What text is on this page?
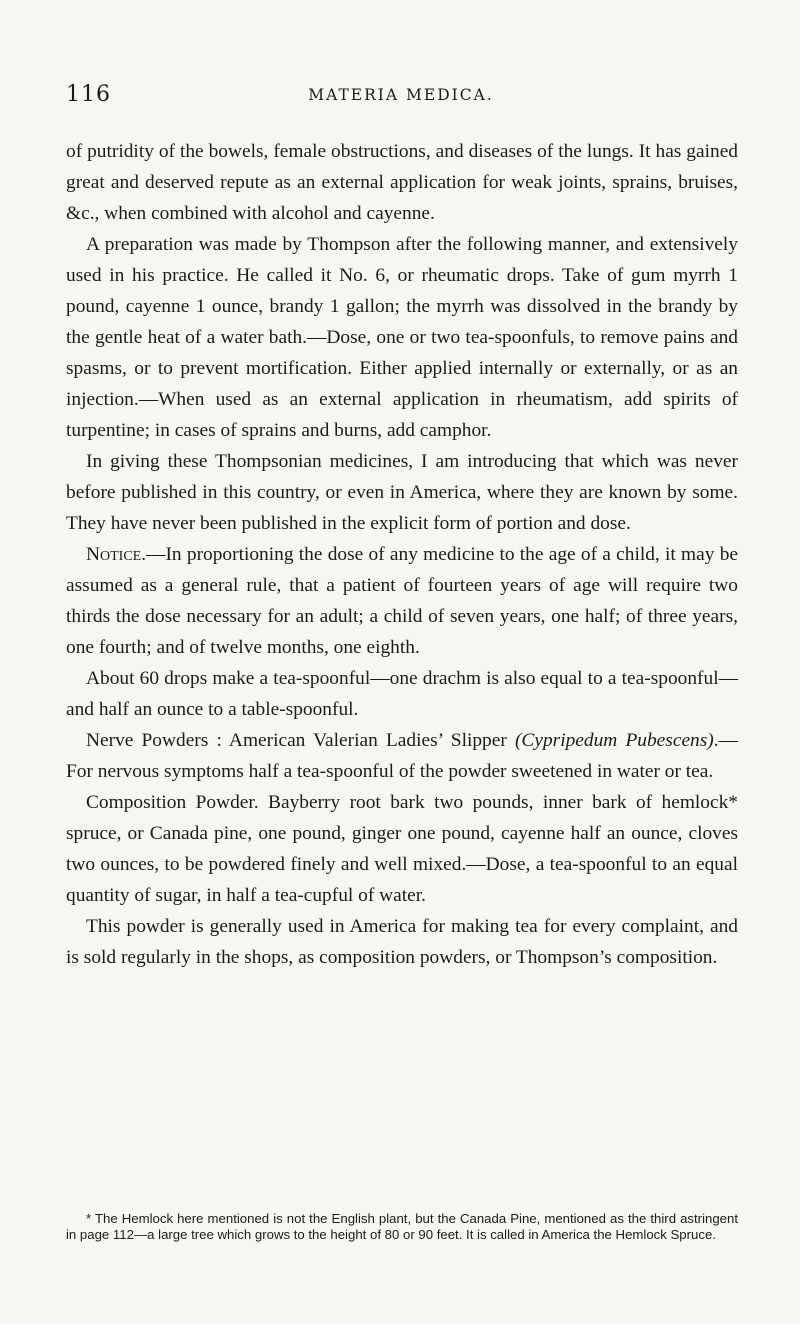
116	MATERIA MEDICA.

of putridity of the bowels, female obstructions, and diseases of the lungs. It has gained great and deserved repute as an external application for weak joints, sprains, bruises, &c., when combined with alcohol and cayenne.

A preparation was made by Thompson after the following manner, and extensively used in his practice. He called it No. 6, or rheumatic drops. Take of gum myrrh 1 pound, cayenne 1 ounce, brandy 1 gallon; the myrrh was dissolved in the brandy by the gentle heat of a water bath.—Dose, one or two tea-spoonfuls, to remove pains and spasms, or to prevent mortification. Either applied internally or externally, or as an injection.—When used as an external application in rheumatism, add spirits of turpentine; in cases of sprains and burns, add camphor.

In giving these Thompsonian medicines, I am introducing that which was never before published in this country, or even in America, where they are known by some. They have never been published in the explicit form of portion and dose.

Notice.—In proportioning the dose of any medicine to the age of a child, it may be assumed as a general rule, that a patient of fourteen years of age will require two thirds the dose necessary for an adult; a child of seven years, one half; of three years, one fourth; and of twelve months, one eighth.

About 60 drops make a tea-spoonful—one drachm is also equal to a tea-spoonful—and half an ounce to a table-spoonful.

Nerve Powders : American Valerian Ladies’ Slipper (Cypripedum Pubescens).—For nervous symptoms half a tea-spoonful of the powder sweetened in water or tea.

Composition Powder. Bayberry root bark two pounds, inner bark of hemlock* spruce, or Canada pine, one pound, ginger one pound, cayenne half an ounce, cloves two ounces, to be powdered finely and well mixed.—Dose, a tea-spoonful to an equal quantity of sugar, in half a tea-cupful of water.

This powder is generally used in America for making tea for every complaint, and is sold regularly in the shops, as composition powders, or Thompson’s composition.

* The Hemlock here mentioned is not the English plant, but the Canada Pine, mentioned as the third astringent in page 112—a large tree which grows to the height of 80 or 90 feet. It is called in America the Hemlock Spruce.
